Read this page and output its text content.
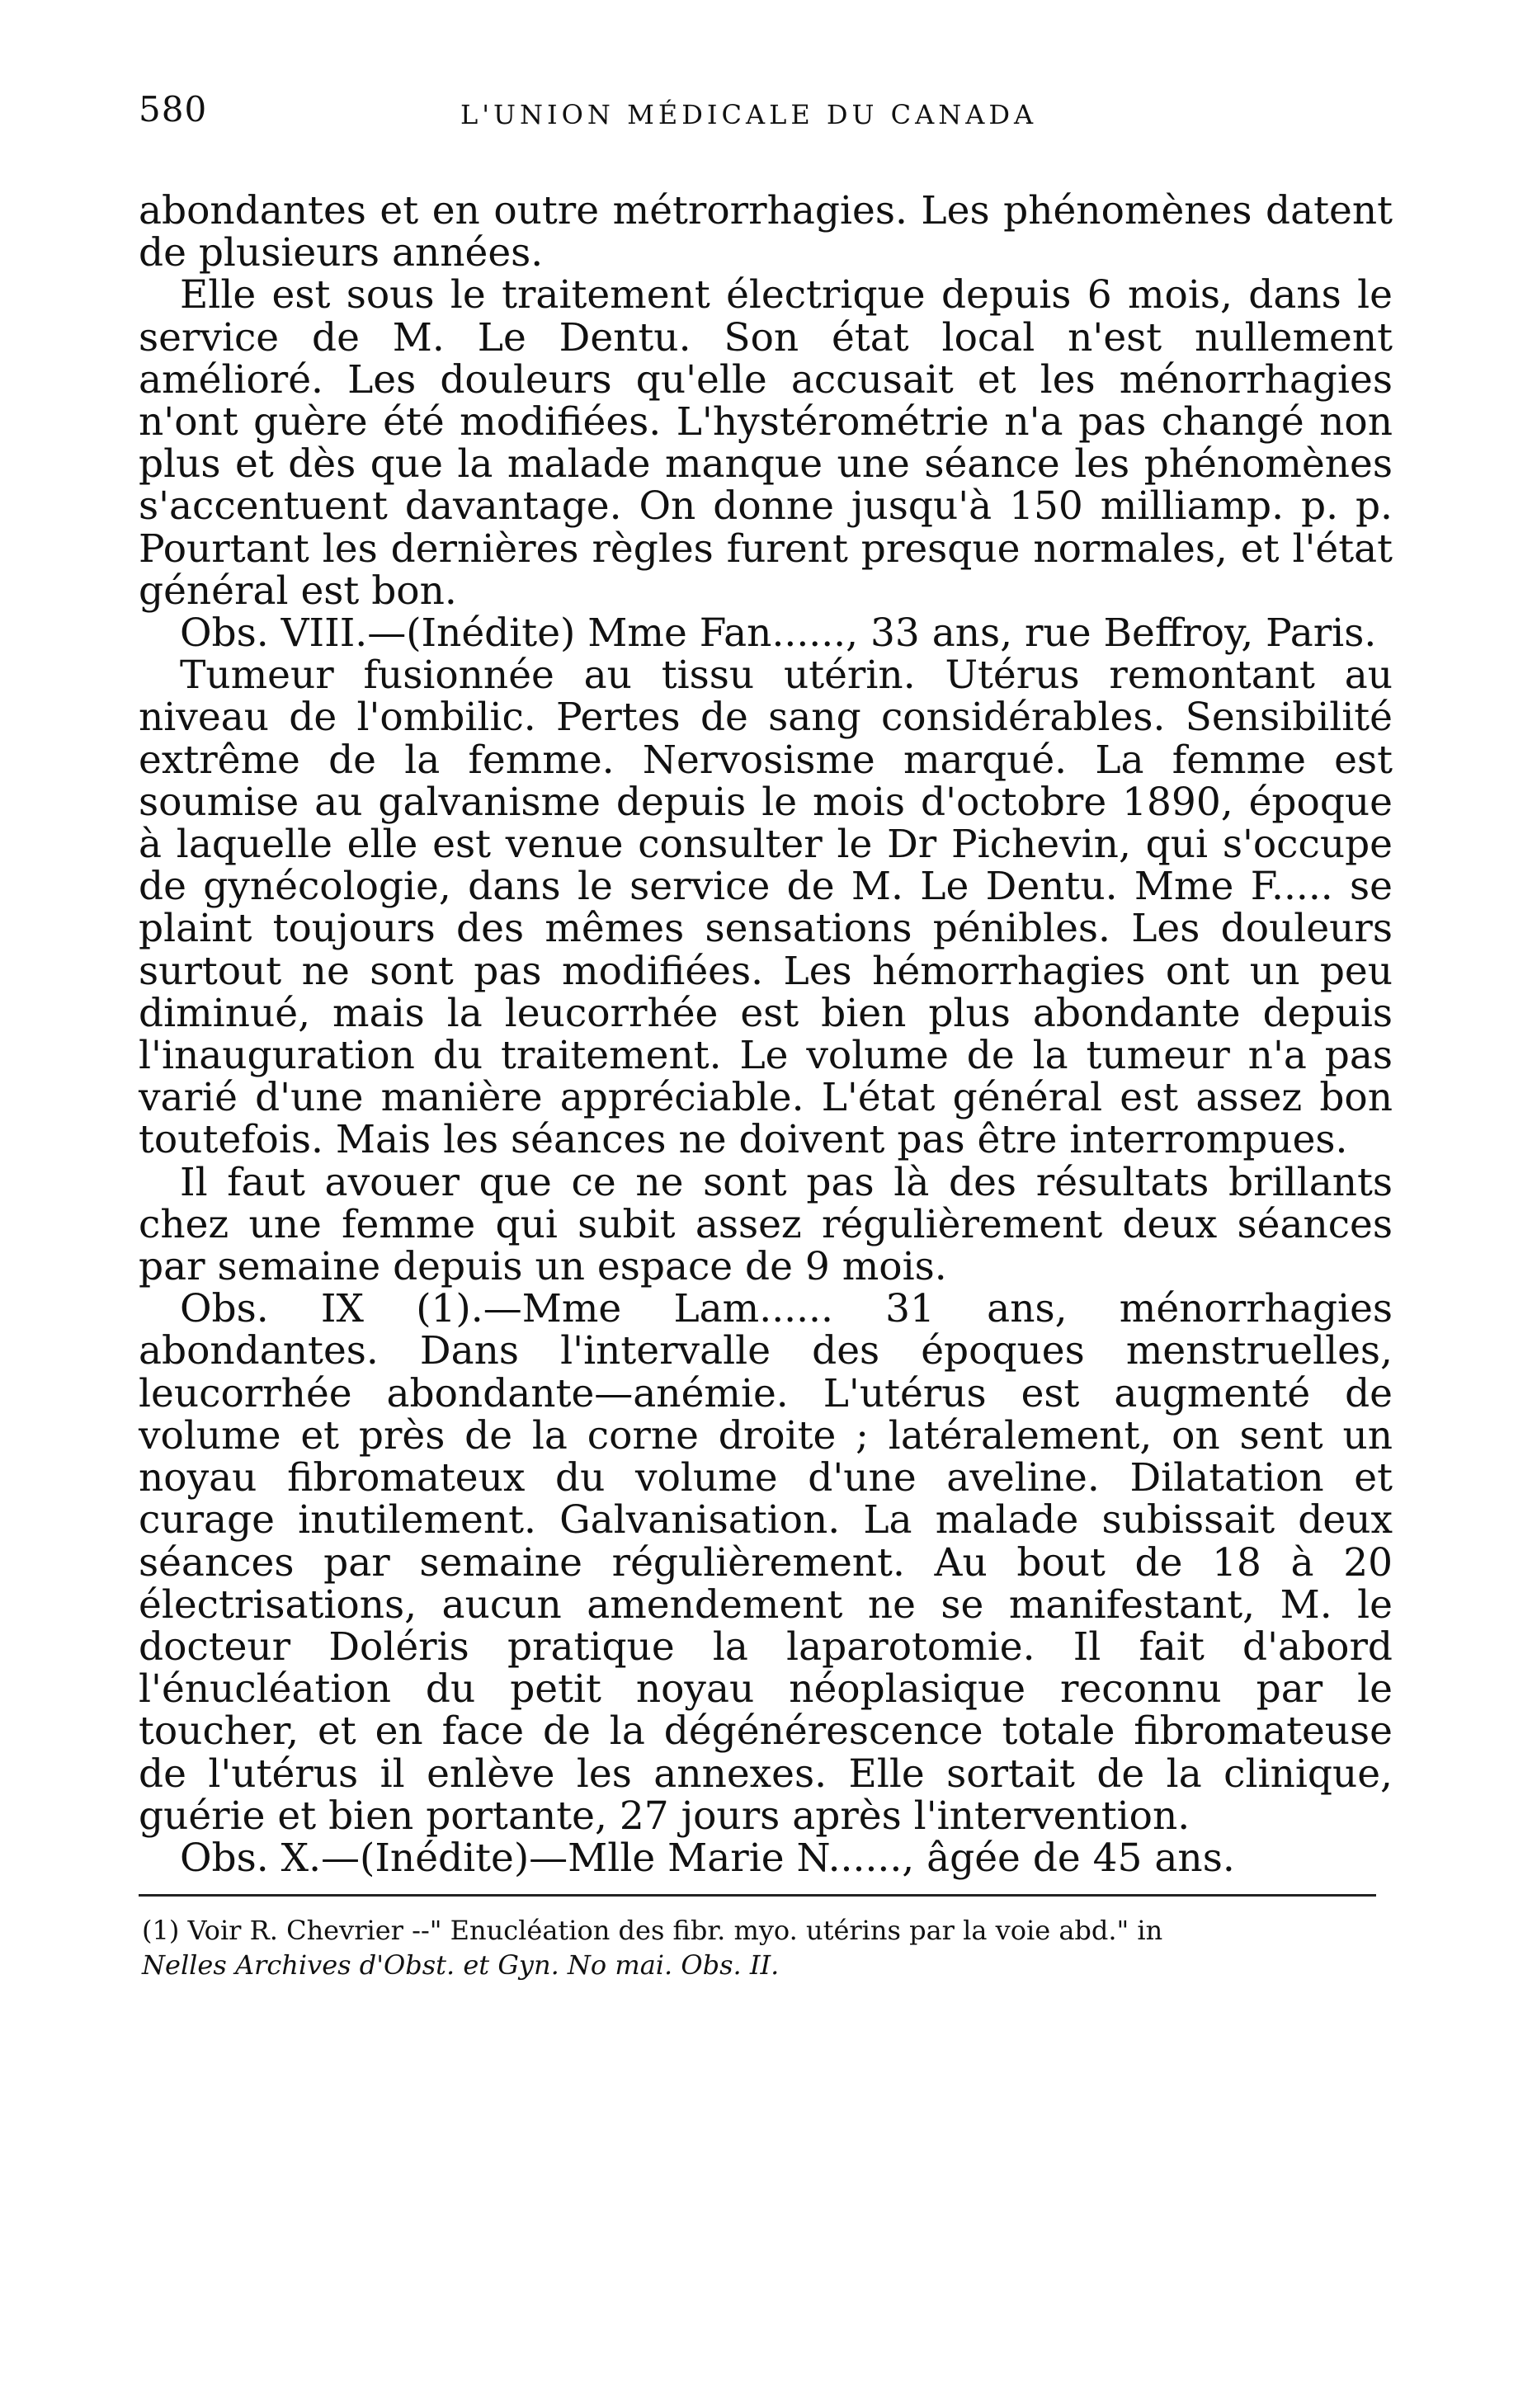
580	L'UNION MÉDICALE DU CANADA

abondantes et en outre métrorrhagies. Les phénomènes datent de plusieurs années.

Elle est sous le traitement électrique depuis 6 mois, dans le service de M. Le Dentu. Son état local n'est nullement amélioré. Les douleurs qu'elle accusait et les ménorrhagies n'ont guère été modifiées. L'hystérométrie n'a pas changé non plus et dès que la malade manque une séance les phénomènes s'accentuent davantage. On donne jusqu'à 150 milliamp. p. p. Pourtant les dernières règles furent presque normales, et l'état général est bon.

Obs. VIII.—(Inédite) Mme Fan......, 33 ans, rue Beffroy, Paris.

Tumeur fusionnée au tissu utérin. Utérus remontant au niveau de l'ombilic. Pertes de sang considérables. Sensibilité extrême de la femme. Nervosisme marqué. La femme est soumise au galvanisme depuis le mois d'octobre 1890, époque à laquelle elle est venue consulter le Dr Pichevin, qui s'occupe de gynécologie, dans le service de M. Le Dentu. Mme F..... se plaint toujours des mêmes sensations pénibles. Les douleurs surtout ne sont pas modifiées. Les hémorrhagies ont un peu diminué, mais la leucorrhée est bien plus abondante depuis l'inauguration du traitement. Le volume de la tumeur n'a pas varié d'une manière appréciable. L'état général est assez bon toutefois. Mais les séances ne doivent pas être interrompues.

Il faut avouer que ce ne sont pas là des résultats brillants chez une femme qui subit assez régulièrement deux séances par semaine depuis un espace de 9 mois.

Obs. IX (1).—Mme Lam...... 31 ans, ménorrhagies abondantes. Dans l'intervalle des époques menstruelles, leucorrhée abondante—anémie. L'utérus est augmenté de volume et près de la corne droite ; latéralement, on sent un noyau fibromateux du volume d'une aveline. Dilatation et curage inutilement. Galvanisation. La malade subissait deux séances par semaine régulièrement. Au bout de 18 à 20 électrisations, aucun amendement ne se manifestant, M. le docteur Doléris pratique la laparotomie. Il fait d'abord l'énucléation du petit noyau néoplasique reconnu par le toucher, et en face de la dégénérescence totale fibromateuse de l'utérus il enlève les annexes. Elle sortait de la clinique, guérie et bien portante, 27 jours après l'intervention.

Obs. X.—(Inédite)—Mlle Marie N......, âgée de 45 ans.

(1) Voir R. Chevrier --" Enucléation des fibr. myo. utérins par la voie abd." in

Nelles Archives d'Obst. et Gyn. No mai. Obs. II.
